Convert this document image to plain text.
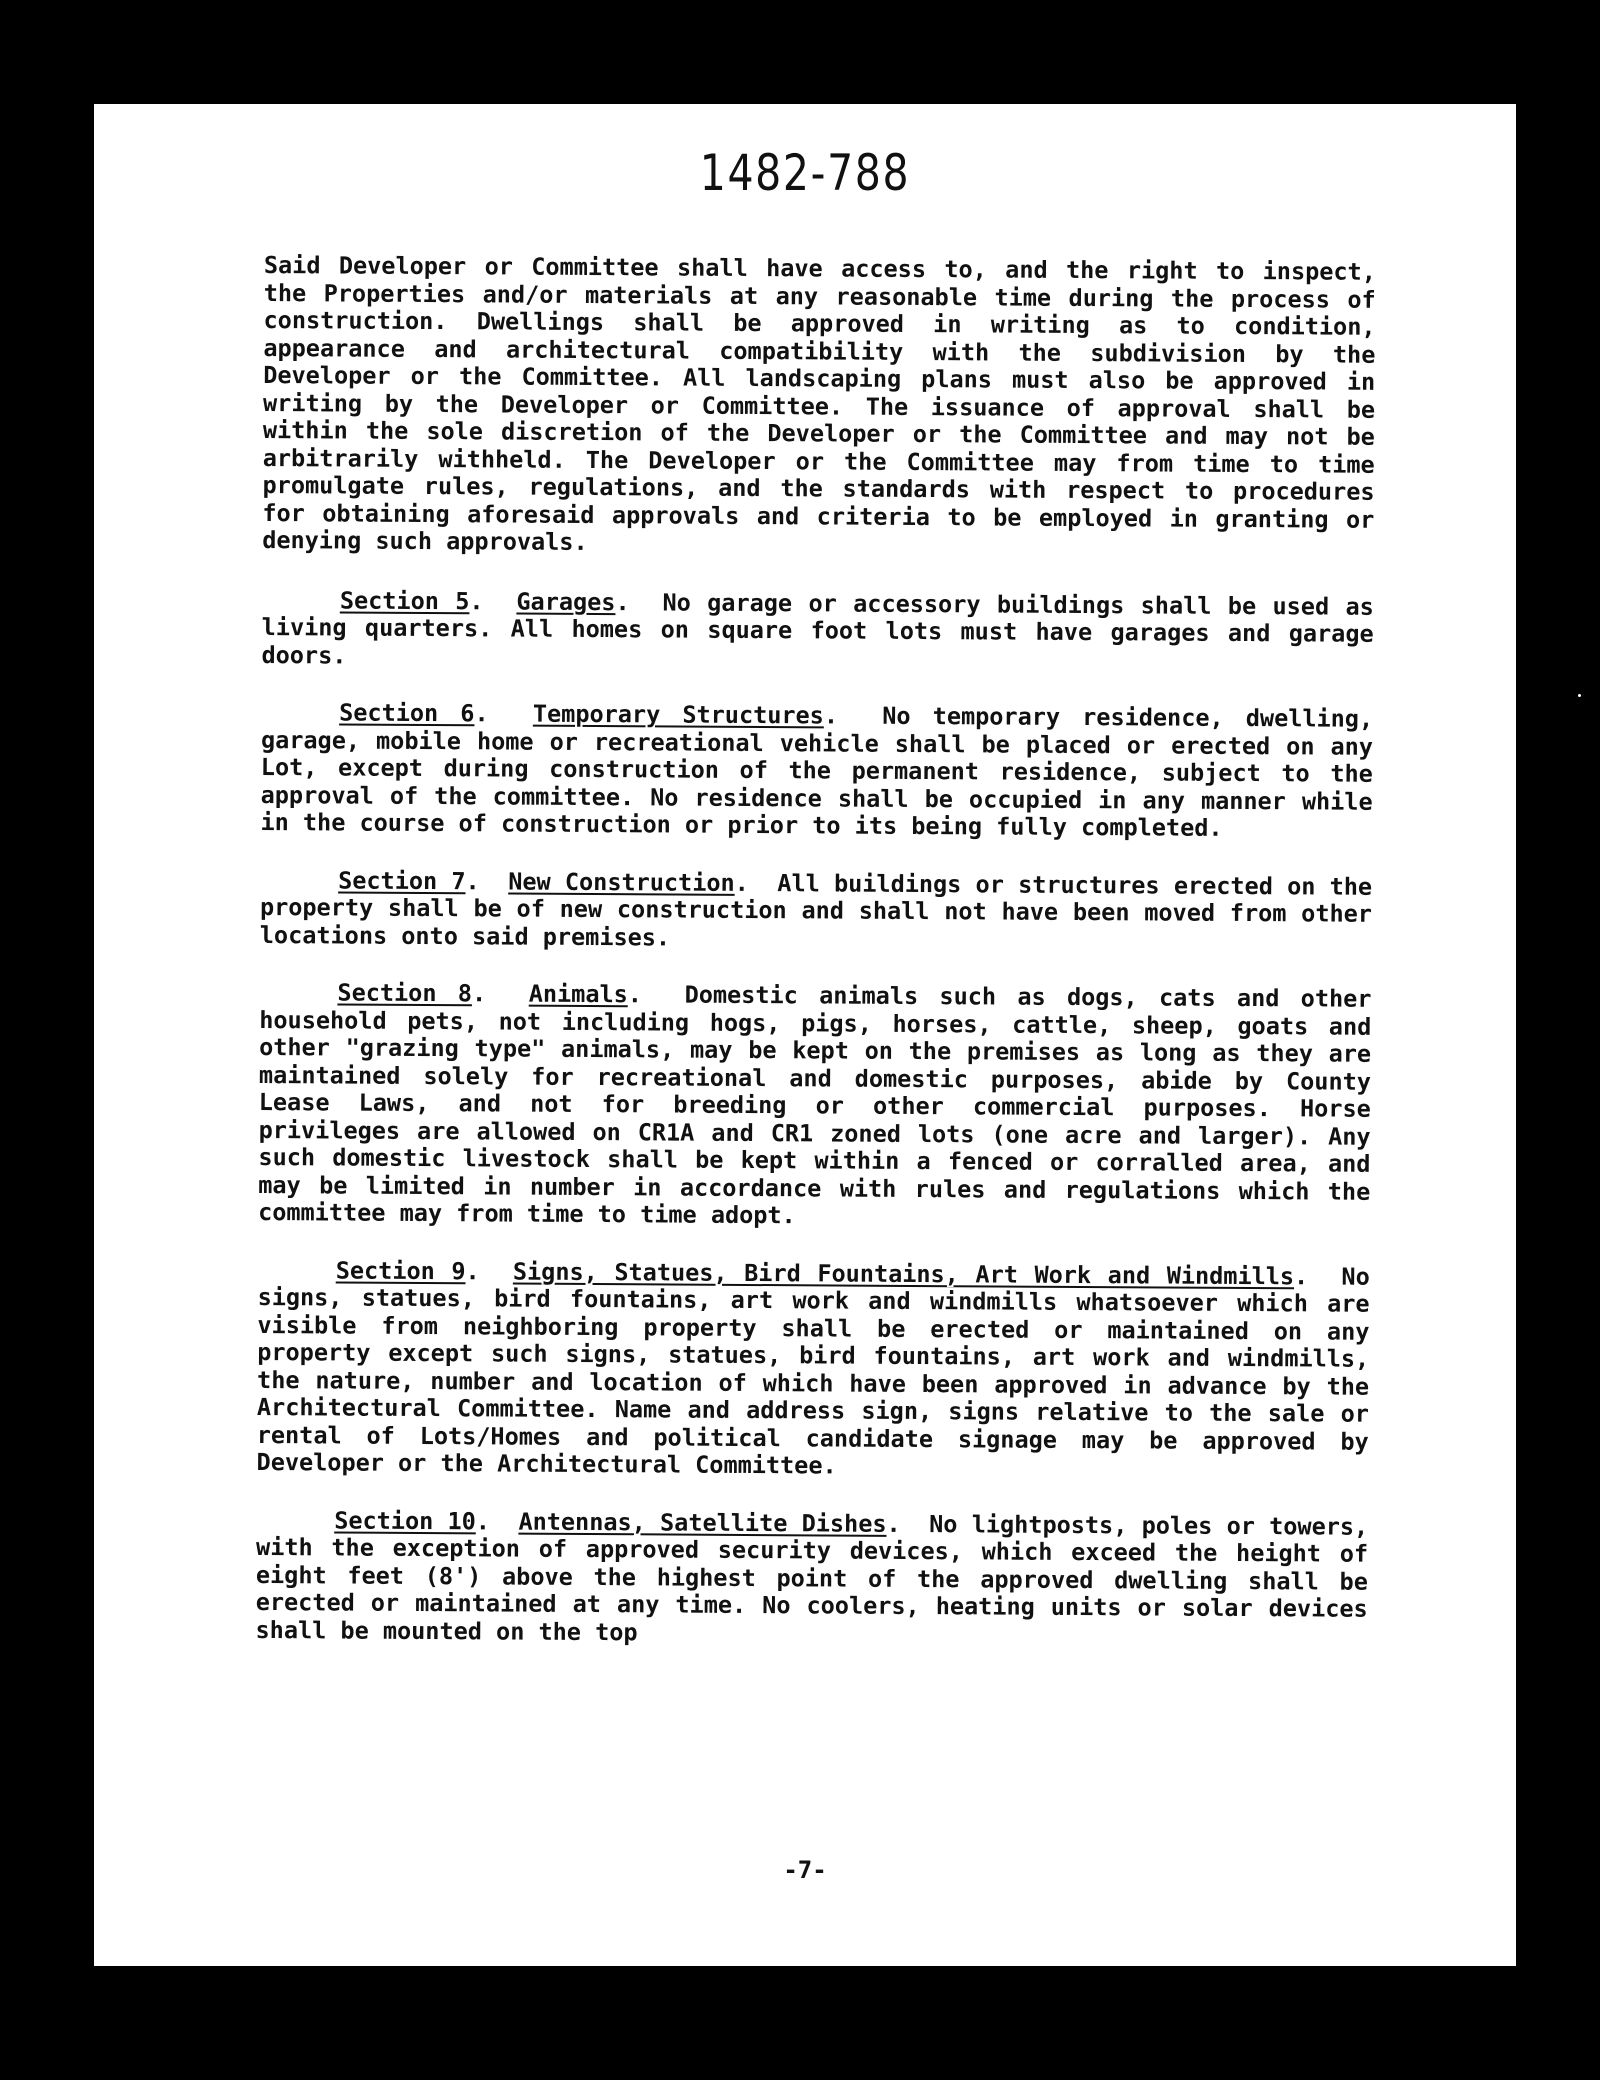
1482-788

Said Developer or Committee shall have access to, and the right to inspect, the Properties and/or materials at any reasonable time during the process of construction. Dwellings shall be approved in writing as to condition, appearance and architectural compatibility with the subdivision by the Developer or the Committee. All landscaping plans must also be approved in writing by the Developer or Committee. The issuance of approval shall be within the sole discretion of the Developer or the Committee and may not be arbitrarily withheld. The Developer or the Committee may from time to time promulgate rules, regulations, and the standards with respect to procedures for obtaining aforesaid approvals and criteria to be employed in granting or denying such approvals.

Section 5.  Garages.  No garage or accessory buildings shall be used as living quarters. All homes on square foot lots must have garages and garage doors.

Section 6.  Temporary Structures.  No temporary residence, dwelling, garage, mobile home or recreational vehicle shall be placed or erected on any Lot, except during construction of the permanent residence, subject to the approval of the committee. No residence shall be occupied in any manner while in the course of construction or prior to its being fully completed.

Section 7.  New Construction.  All buildings or structures erected on the property shall be of new construction and shall not have been moved from other locations onto said premises.

Section 8.  Animals.  Domestic animals such as dogs, cats and other household pets, not including hogs, pigs, horses, cattle, sheep, goats and other "grazing type" animals, may be kept on the premises as long as they are maintained solely for recreational and domestic purposes, abide by County Lease Laws, and not for breeding or other commercial purposes. Horse privileges are allowed on CR1A and CR1 zoned lots (one acre and larger). Any such domestic livestock shall be kept within a fenced or corralled area, and may be limited in number in accordance with rules and regulations which the committee may from time to time adopt.

Section 9.  Signs, Statues, Bird Fountains, Art Work and Windmills.  No signs, statues, bird fountains, art work and windmills whatsoever which are visible from neighboring property shall be erected or maintained on any property except such signs, statues, bird fountains, art work and windmills, the nature, number and location of which have been approved in advance by the Architectural Committee. Name and address sign, signs relative to the sale or rental of Lots/Homes and political candidate signage may be approved by Developer or the Architectural Committee.

Section 10.  Antennas, Satellite Dishes.  No lightposts, poles or towers, with the exception of approved security devices, which exceed the height of eight feet (8') above the highest point of the approved dwelling shall be erected or maintained at any time. No coolers, heating units or solar devices shall be mounted on the top

-7-
